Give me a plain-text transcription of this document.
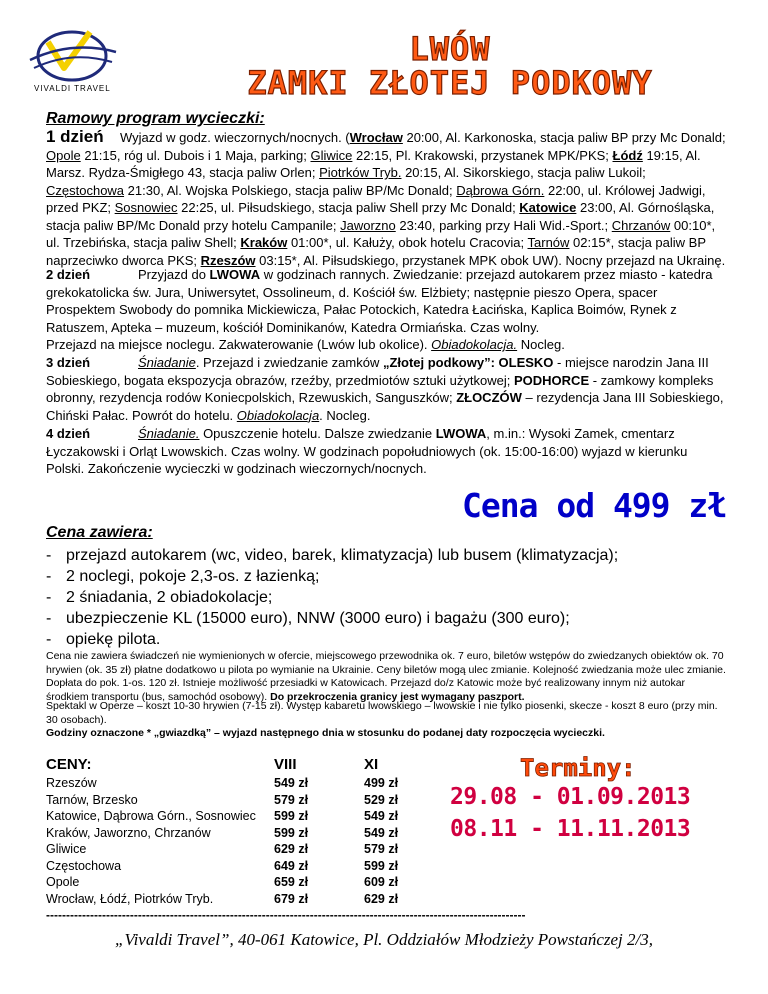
VIVALDI TRAVEL
LWÓW
ZAMKI ZŁOTEJ PODKOWY
Ramowy program wycieczki:
1 dzień Wyjazd w godz. wieczornych/nocnych. (Wrocław 20:00, Al. Karkonoska, stacja paliw BP przy Mc Donald; Opole 21:15, róg ul. Dubois i 1 Maja, parking; Gliwice 22:15, Pl. Krakowski, przystanek MPK/PKS; Łódź 19:15, Al. Marsz. Rydza-Śmigłego 43, stacja paliw Orlen; Piotrków Tryb. 20:15, Al. Sikorskiego, stacja paliw Lukoil; Częstochowa 21:30, Al. Wojska Polskiego, stacja paliw BP/Mc Donald; Dąbrowa Górn. 22:00, ul. Królowej Jadwigi, przed PKZ; Sosnowiec 22:25, ul. Piłsudskiego, stacja paliw Shell przy Mc Donald; Katowice 23:00, Al. Górnośląska, stacja paliw BP/Mc Donald przy hotelu Campanile; Jaworzno 23:40, parking przy Hali Wid.-Sport.; Chrzanów 00:10*, ul. Trzebińska, stacja paliw Shell; Kraków 01:00*, ul. Kałuży, obok hotelu Cracovia; Tarnów 02:15*, stacja paliw BP naprzeciwko dworca PKS; Rzeszów 03:15*, Al. Piłsudskiego, przystanek MPK obok UW). Nocny przejazd na Ukrainę.
2 dzień	Przyjazd do LWOWA w godzinach rannych. Zwiedzanie: przejazd autokarem przez miasto - katedra grekokatolicka św. Jura, Uniwersytet, Ossolineum, d. Kościół św. Elżbiety; następnie pieszo Opera, spacer Prospektem Swobody do pomnika Mickiewicza, Pałac Potockich, Katedra Łacińska, Kaplica Boimów, Rynek z Ratuszem, Apteka – muzeum, kościół Dominikanów, Katedra Ormiańska. Czas wolny.
Przejazd na miejsce noclegu. Zakwaterowanie (Lwów lub okolice). Obiadokolacja. Nocleg.
3 dzień	Śniadanie. Przejazd i zwiedzanie zamków „Złotej podkowy”: OLESKO - miejsce narodzin Jana III Sobieskiego, bogata ekspozycja obrazów, rzeźby, przedmiotów sztuki użytkowej; PODHORCE - zamkowy kompleks obronny, rezydencja rodów Koniecpolskich, Rzewuskich, Sanguszków; ZŁOCZÓW – rezydencja Jana III Sobieskiego, Chiński Pałac. Powrót do hotelu. Obiadokolacja. Nocleg.
4 dzień	Śniadanie. Opuszczenie hotelu. Dalsze zwiedzanie LWOWA, m.in.: Wysoki Zamek, cmentarz Łyczakowski i Orląt Lwowskich. Czas wolny. W godzinach popołudniowych (ok. 15:00-16:00) wyjazd w kierunku Polski. Zakończenie wycieczki w godzinach wieczornych/nocnych.
Cena od 499 zł
Cena zawiera:
- przejazd autokarem (wc, video, barek, klimatyzacja) lub busem (klimatyzacja);
- 2 noclegi, pokoje 2,3-os. z łazienką;
- 2 śniadania, 2 obiadokolacje;
- ubezpieczenie KL (15000 euro), NNW (3000 euro) i bagażu (300 euro);
- opiekę pilota.
Cena nie zawiera świadczeń nie wymienionych w ofercie, miejscowego przewodnika ok. 7 euro, biletów wstępów do zwiedzanych obiektów ok. 70 hrywien (ok. 35 zł) płatne dodatkowo u pilota po wymianie na Ukrainie. Ceny biletów mogą ulec zmianie. Kolejność zwiedzania może ulec zmianie. Dopłata do pok. 1-os. 120 zł. Istnieje możliwość przesiadki w Katowicach. Przejazd do/z Katowic może być realizowany innym niż autokar środkiem transportu (bus, samochód osobowy). Do przekroczenia granicy jest wymagany paszport.
Spektakl w Operze – koszt 10-30 hrywien (7-15 zł). Występ kabaretu lwowskiego – lwowskie i nie tylko piosenki, skecze - koszt 8 euro (przy min. 30 osobach).
Godziny oznaczone * „gwiazdką” – wyjazd następnego dnia w stosunku do podanej daty rozpoczęcia wycieczki.
CENY:	VIII	XI
Rzeszów	549 zł	499 zł
Tarnów, Brzesko	579 zł	529 zł
Katowice, Dąbrowa Górn., Sosnowiec 599 zł	549 zł
Kraków, Jaworzno, Chrzanów	599 zł	549 zł
Gliwice	629 zł	579 zł
Częstochowa	649 zł	599 zł
Opole	659 zł	609 zł
Wrocław, Łódź, Piotrków Tryb.	679 zł	629 zł
Terminy:
29.08 - 01.09.2013
08.11 - 11.11.2013
------------------------------------------------------------------------------------------------------------------------
„Vivaldi Travel”, 40-061 Katowice, Pl. Oddziałów Młodzieży Powstańczej 2/3,
